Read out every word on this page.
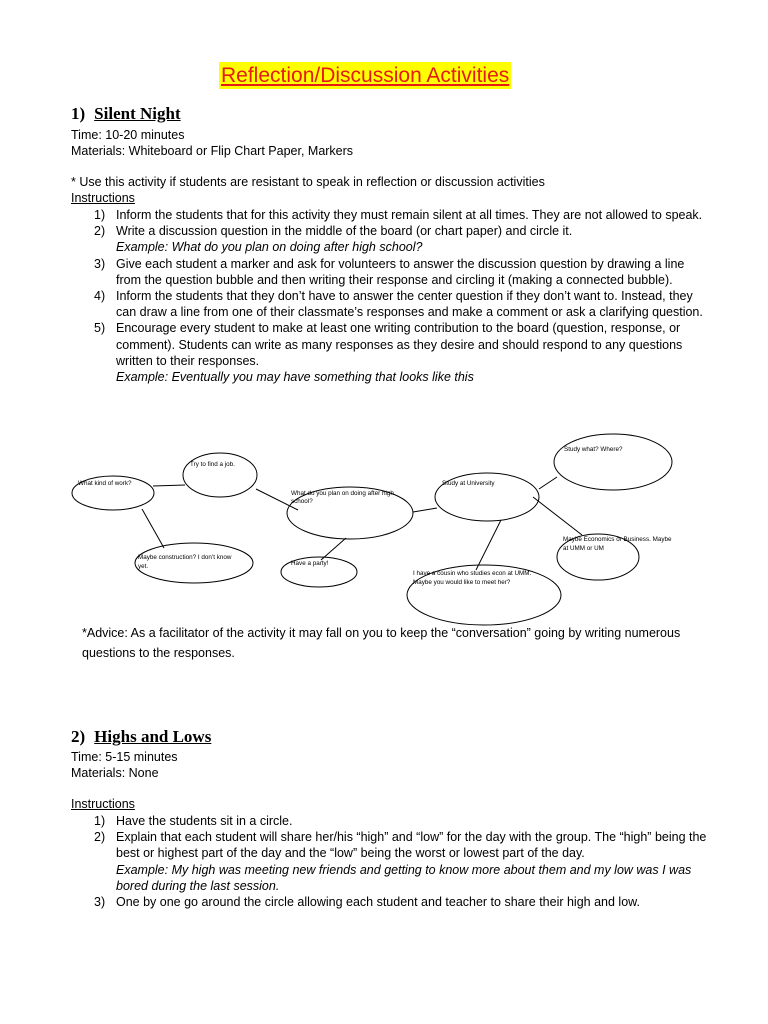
Reflection/Discussion Activities
1) Silent Night
Time: 10-20 minutes
Materials: Whiteboard or Flip Chart Paper, Markers
* Use this activity if students are resistant to speak in reflection or discussion activities
Instructions
1) Inform the students that for this activity they must remain silent at all times. They are not allowed to speak.
2) Write a discussion question in the middle of the board (or chart paper) and circle it.
Example: What do you plan on doing after high school?
3) Give each student a marker and ask for volunteers to answer the discussion question by drawing a line from the question bubble and then writing their response and circling it (making a connected bubble).
4) Inform the students that they don’t have to answer the center question if they don’t want to. Instead, they can draw a line from one of their classmate’s responses and make a comment or ask a clarifying question.
5) Encourage every student to make at least one writing contribution to the board (question, response, or comment). Students can write as many responses as they desire and should respond to any questions written to their responses.
Example: Eventually you may have something that looks like this
What do you plan on doing after high
school?
Try to find a job.
What kind of work?
Maybe construction? I don’t know
yet.	Have a party!
Study at University
Study what? Where?
Maybe Economics or Business. Maybe
at UMM or UM
I have a cousin who studies econ at UMM.
Maybe you would like to meet her?
*Advice: As a facilitator of the activity it may fall on you to keep the “conversation” going by writing numerous questions to the responses.
2) Highs and Lows
Time: 5-15 minutes
Materials: None
Instructions
1) Have the students sit in a circle.
2) Explain that each student will share her/his “high” and “low” for the day with the group. The “high” being the best or highest part of the day and the “low” being the worst or lowest part of the day.
Example: My high was meeting new friends and getting to know more about them and my low was I was bored during the last session.
3) One by one go around the circle allowing each student and teacher to share their high and low.
